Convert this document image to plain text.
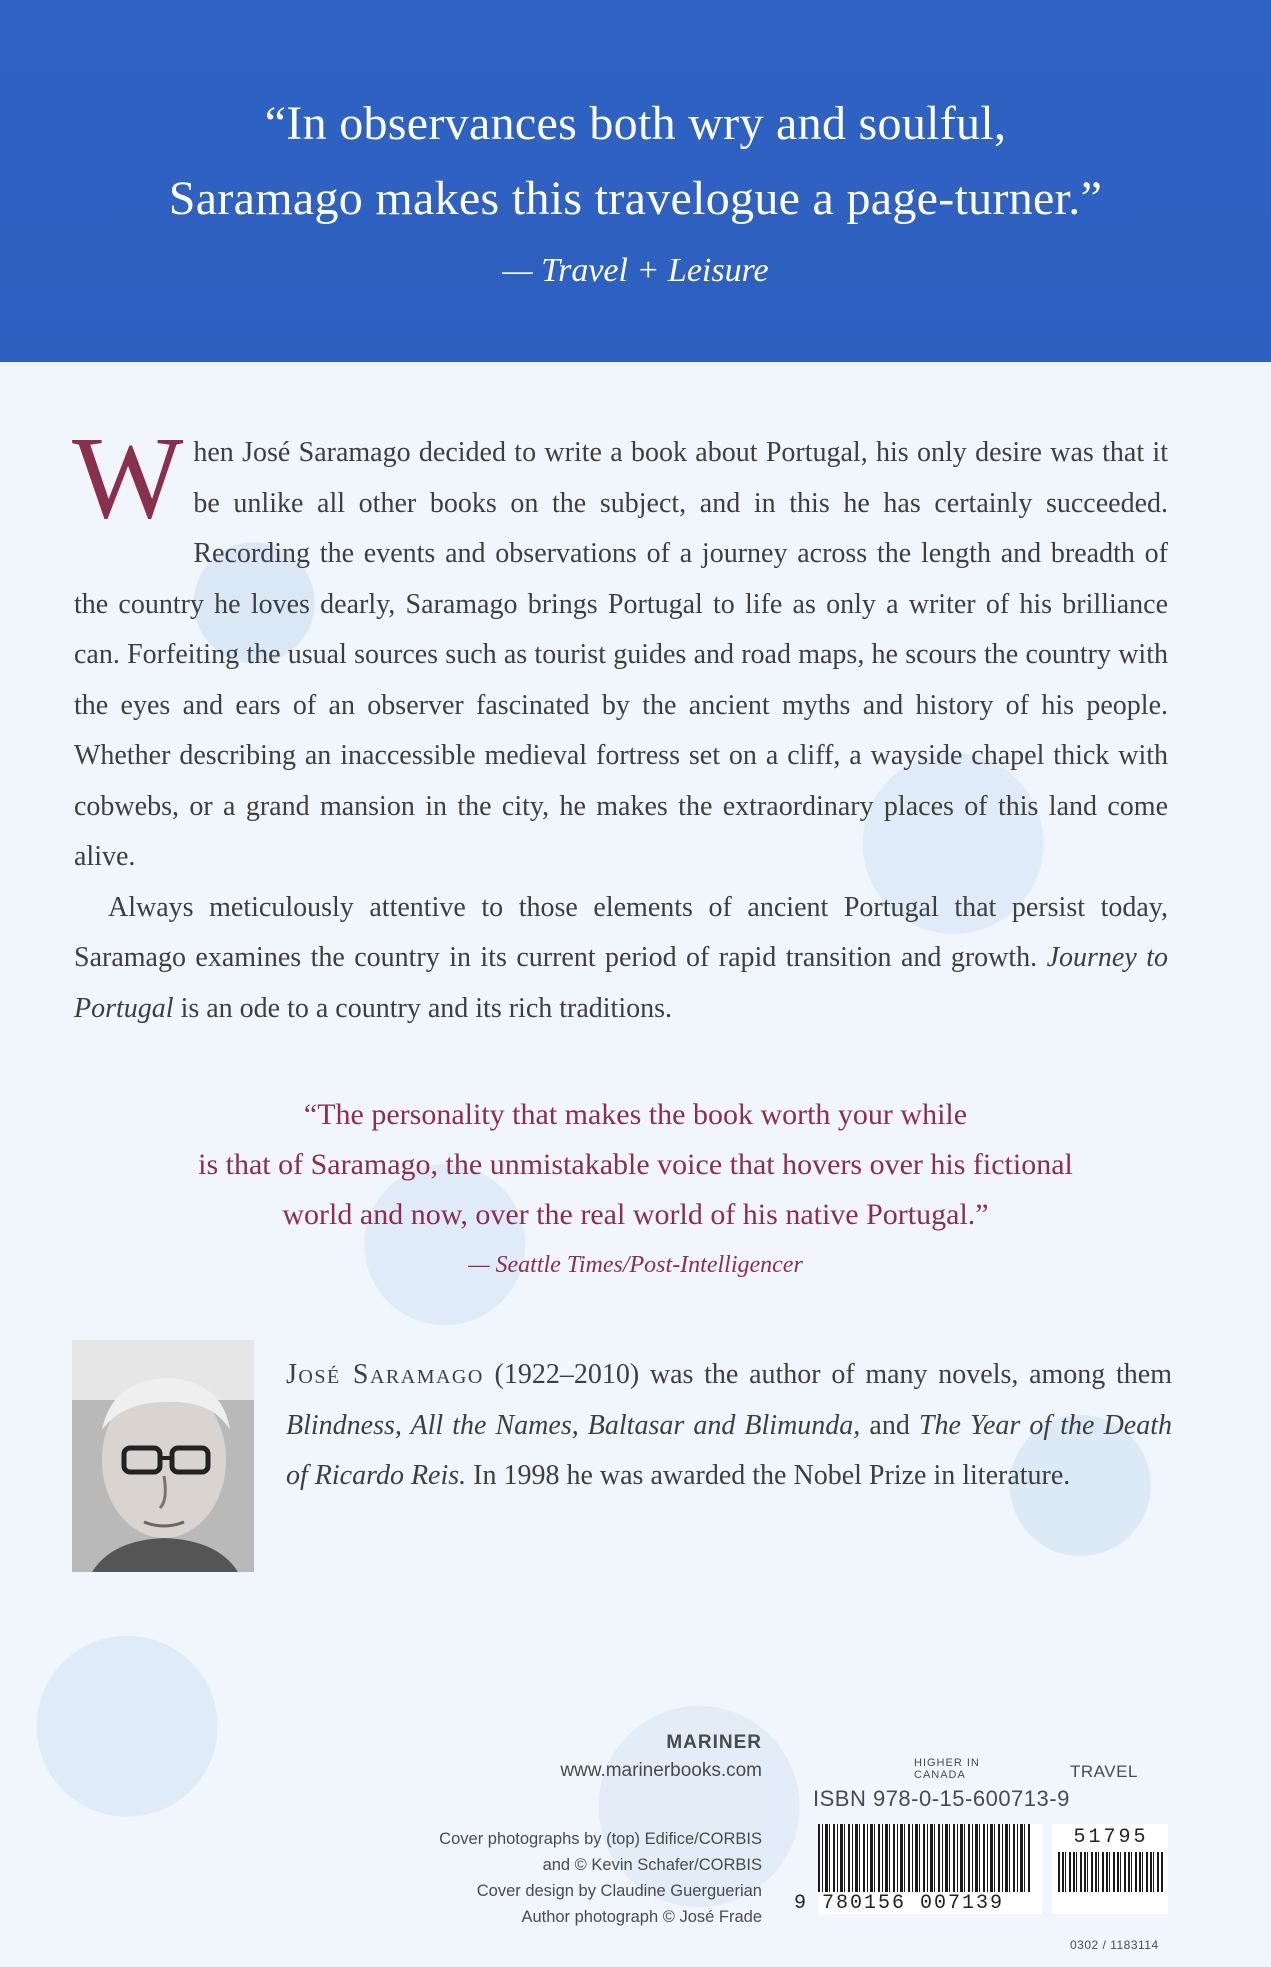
“In observances both wry and soulful,
Saramago makes this travelogue a page-turner.”
— Travel + Leisure

When José Saramago decided to write a book about Portugal, his only desire was that it be unlike all other books on the subject, and in this he has certainly succeeded. Recording the events and observations of a journey across the length and breadth of the country he loves dearly, Saramago brings Portugal to life as only a writer of his brilliance can. Forfeiting the usual sources such as tourist guides and road maps, he scours the country with the eyes and ears of an observer fascinated by the ancient myths and history of his people. Whether describing an inaccessible medieval fortress set on a cliff, a wayside chapel thick with cobwebs, or a grand mansion in the city, he makes the extraordinary places of this land come alive.

Always meticulously attentive to those elements of ancient Portugal that persist today, Saramago examines the country in its current period of rapid transition and growth. Journey to Portugal is an ode to a country and its rich traditions.

“The personality that makes the book worth your while
is that of Saramago, the unmistakable voice that hovers over his fictional
world and now, over the real world of his native Portugal.”
— Seattle Times/Post-Intelligencer
José Saramago (1922–2010) was the author of many novels, among them Blindness, All the Names, Baltasar and Blimunda, and The Year of the Death of Ricardo Reis. In 1998 he was awarded the Nobel Prize in literature.
MARINER
www.marinerbooks.com
Cover photographs by (top) Edifice/CORBIS
and © Kevin Schafer/CORBIS
Cover design by Claudine Guerguerian
Author photograph © José Frade
HIGHER IN
CANADA	TRAVEL
ISBN 978-0-15-600713-9
9 780156 007139
51795
0302 / 1183114
